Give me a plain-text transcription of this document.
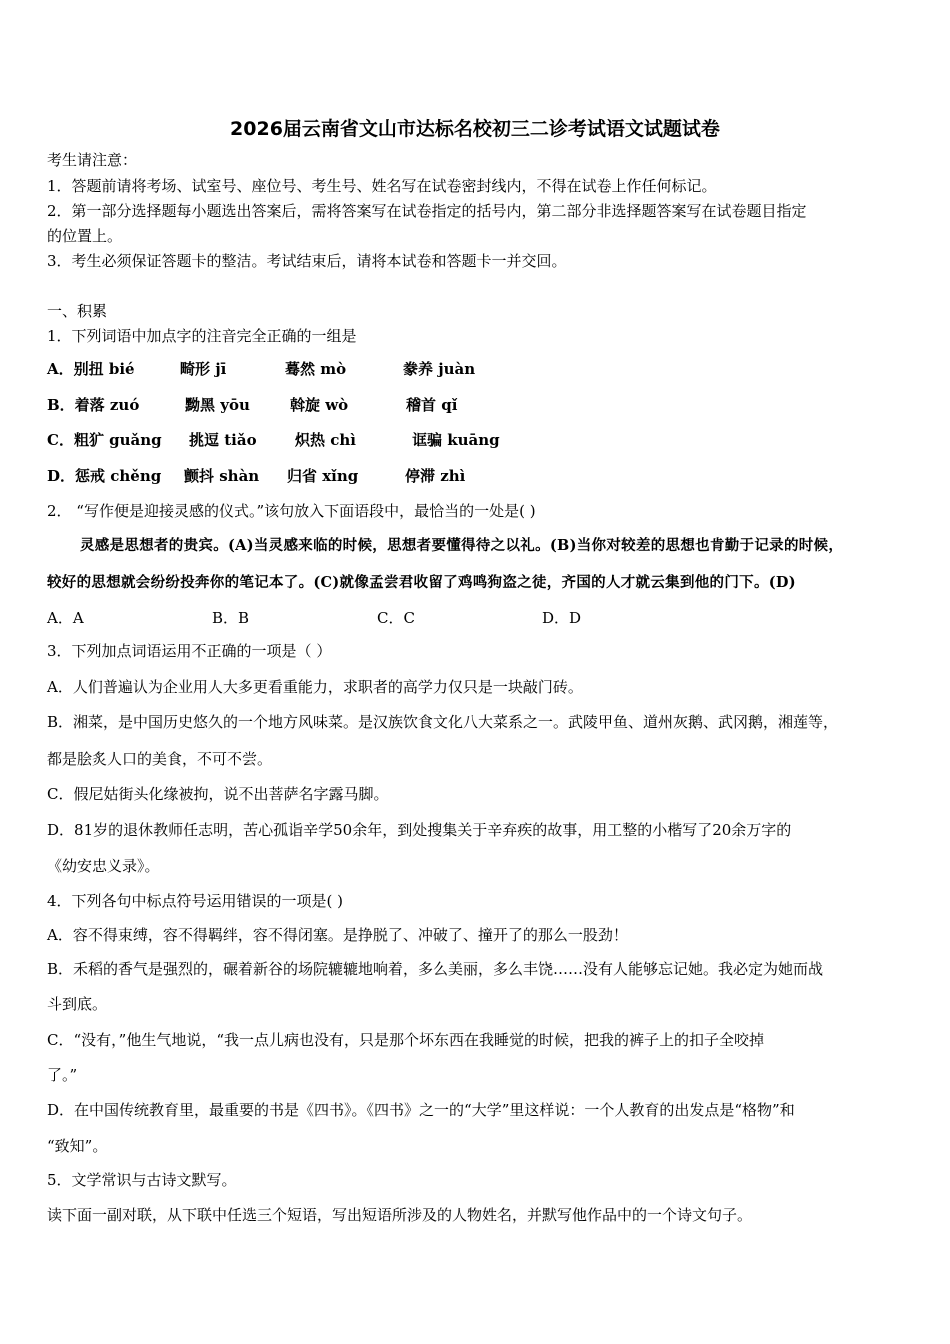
2026届云南省文山市达标名校初三二诊考试语文试题试卷
考生请注意：
1．答题前请将考场、试室号、座位号、考生号、姓名写在试卷密封线内，不得在试卷上作任何标记。
2．第一部分选择题每小题选出答案后，需将答案写在试卷指定的括号内，第二部分非选择题答案写在试卷题目指定
的位置上。
3．考生必须保证答题卡的整洁。考试结束后，请将本试卷和答题卡一并交回。
一、积累
1．下列词语中加点字的注音完全正确的一组是
A．别扭 bié	畸形 jī	蓦然 mò	豢养 juàn
B．着落 zuó	黝黑 yōu	斡旋 wò	稽首 qǐ
C．粗犷 guǎng 挑逗 tiǎo	炽热 chì	诓骗 kuāng
D．惩戒 chěng 颤抖 shàn 归省 xǐng	停滞 zhì
2． “写作便是迎接灵感的仪式。”该句放入下面语段中，最恰当的一处是( )
灵感是思想者的贵宾。(A)当灵感来临的时候，思想者要懂得待之以礼。(B)当你对较差的思想也肯勤于记录的时候，
较好的思想就会纷纷投奔你的笔记本了。(C)就像孟尝君收留了鸡鸣狗盗之徒，齐国的人才就云集到他的门下。(D)
A．A	B．B	C．C	D．D
3．下列加点词语运用不正确的一项是（ ）
A．人们普遍认为企业用人大多更看重能力，求职者的高学力仅只是一块敲门砖。
B．湘菜，是中国历史悠久的一个地方风味菜。是汉族饮食文化八大菜系之一。武陵甲鱼、道州灰鹅、武冈鹅，湘莲等，
都是脍炙人口的美食，不可不尝。
C．假尼姑街头化缘被拘，说不出菩萨名字露马脚。
D．81岁的退休教师任志明，苦心孤诣辛学50余年，到处搜集关于辛弃疾的故事，用工整的小楷写了20余万字的
《幼安忠义录》。
4．下列各句中标点符号运用错误的一项是( )
A．容不得束缚，容不得羁绊，容不得闭塞。是挣脱了、冲破了、撞开了的那么一股劲！
B．禾稻的香气是强烈的，碾着新谷的场院辘辘地响着，多么美丽，多么丰饶……没有人能够忘记她。我必定为她而战
斗到底。
C．“没有，”他生气地说，“我一点儿病也没有，只是那个坏东西在我睡觉的时候，把我的裤子上的扣子全咬掉
了。”
D．在中国传统教育里，最重要的书是《四书》。《四书》之一的“大学”里这样说：一个人教育的出发点是“格物”和
“致知”。
5．文学常识与古诗文默写。
读下面一副对联，从下联中任选三个短语，写出短语所涉及的人物姓名，并默写他作品中的一个诗文句子。
